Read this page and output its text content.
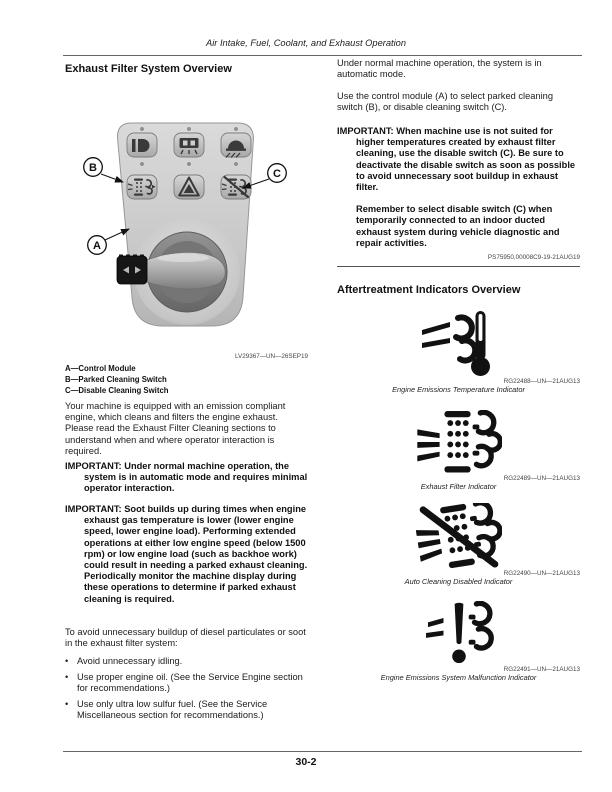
Air Intake, Fuel, Coolant, and Exhaust Operation
Exhaust Filter System Overview
B	C
A
LV29367—UN—26SEP19
A—Control Module
B—Parked Cleaning Switch
C—Disable Cleaning Switch
Your machine is equipped with an emission compliant engine, which cleans and filters the engine exhaust. Please read the Exhaust Filter Cleaning sections to understand when and where operator interaction is required.
IMPORTANT: Under normal machine operation, the system is in automatic mode and requires minimal operator interaction.
IMPORTANT: Soot builds up during times when engine exhaust gas temperature is lower (lower engine speed, lower engine load). Performing extended operations at either low engine speed (below 1500 rpm) or low engine load (such as backhoe work) could result in needing a parked exhaust cleaning. Periodically monitor the machine display during these operations to determine if parked exhaust cleaning is required.
To avoid unnecessary buildup of diesel particulates or soot in the exhaust filter system:
• Avoid unnecessary idling.
• Use proper engine oil. (See the Service Engine section for recommendations.)
• Use only ultra low sulfur fuel. (See the Service Miscellaneous section for recommendations.)
Under normal machine operation, the system is in automatic mode.
Use the control module (A) to select parked cleaning switch (B), or disable cleaning switch (C).
IMPORTANT: When machine use is not suited for higher temperatures created by exhaust filter cleaning, use the disable switch (C). Be sure to deactivate the disable switch as soon as possible to avoid unnecessary soot buildup in exhaust filter.
Remember to select disable switch (C) when temporarily connected to an indoor ducted exhaust system during vehicle diagnostic and repair activities.
PS75950,00008C9-19-21AUG19
Aftertreatment Indicators Overview
RG22488—UN—21AUG13
Engine Emissions Temperature Indicator
RG22489—UN—21AUG13
Exhaust Filter Indicator
RG22490—UN—21AUG13
Auto Cleaning Disabled Indicator
RG22491—UN—21AUG13
Engine Emissions System Malfunction Indicator
30-2
